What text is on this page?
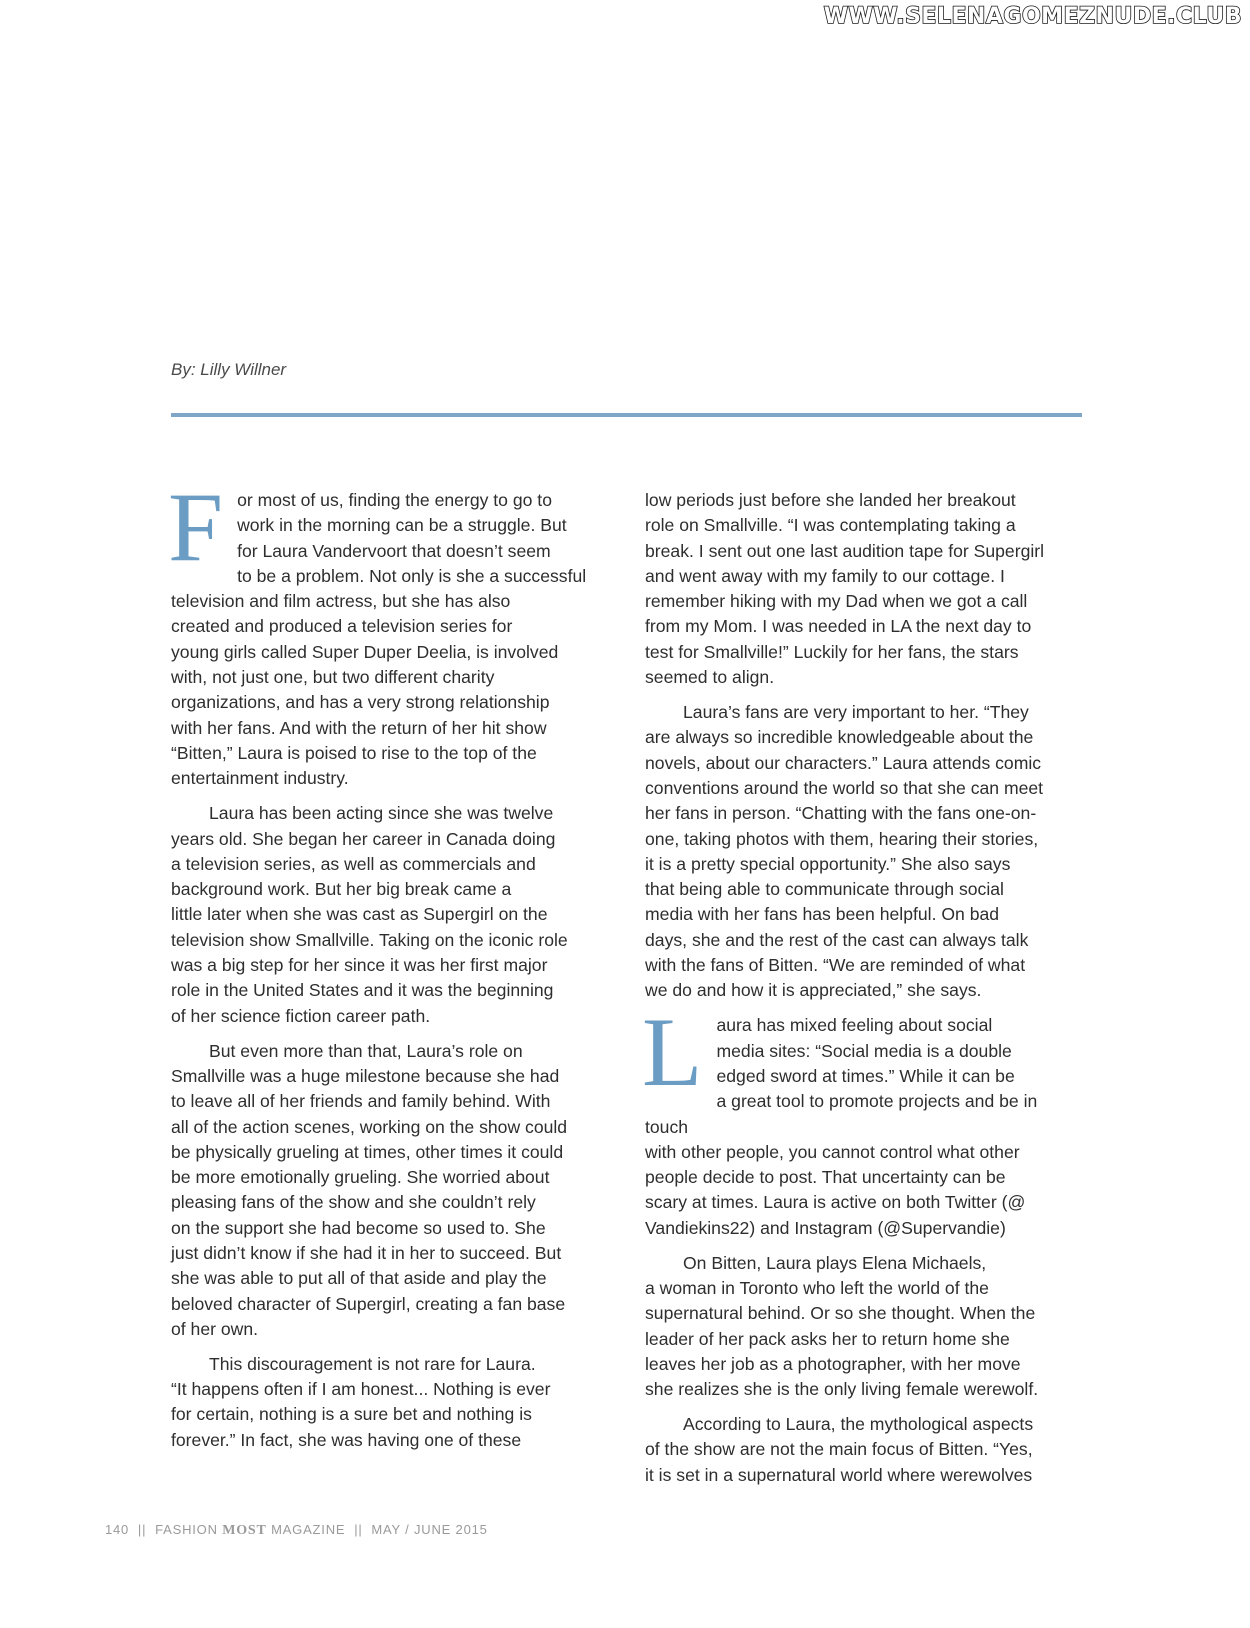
WWW.SELENAGOMEZNUDE.CLUB
By: Lilly Willner

For most of us, finding the energy to go to
work in the morning can be a struggle. But
for Laura Vandervoort that doesn’t seem
to be a problem. Not only is she a successful
television and film actress, but she has also
created and produced a television series for
young girls called Super Duper Deelia, is involved
with, not just one, but two different charity
organizations, and has a very strong relationship
with her fans. And with the return of her hit show
“Bitten,” Laura is poised to rise to the top of the
entertainment industry.

Laura has been acting since she was twelve
years old. She began her career in Canada doing
a television series, as well as commercials and
background work. But her big break came a
little later when she was cast as Supergirl on the
television show Smallville. Taking on the iconic role
was a big step for her since it was her first major
role in the United States and it was the beginning
of her science fiction career path.

But even more than that, Laura’s role on
Smallville was a huge milestone because she had
to leave all of her friends and family behind. With
all of the action scenes, working on the show could
be physically grueling at times, other times it could
be more emotionally grueling. She worried about
pleasing fans of the show and she couldn’t rely
on the support she had become so used to. She
just didn’t know if she had it in her to succeed. But
she was able to put all of that aside and play the
beloved character of Supergirl, creating a fan base
of her own.

This discouragement is not rare for Laura.
“It happens often if I am honest... Nothing is ever
for certain, nothing is a sure bet and nothing is
forever.” In fact, she was having one of these

low periods just before she landed her breakout
role on Smallville. “I was contemplating taking a
break. I sent out one last audition tape for Supergirl
and went away with my family to our cottage. I
remember hiking with my Dad when we got a call
from my Mom. I was needed in LA the next day to
test for Smallville!” Luckily for her fans, the stars
seemed to align.

Laura’s fans are very important to her. “They
are always so incredible knowledgeable about the
novels, about our characters.” Laura attends comic
conventions around the world so that she can meet
her fans in person. “Chatting with the fans one-on-
one, taking photos with them, hearing their stories,
it is a pretty special opportunity.” She also says
that being able to communicate through social
media with her fans has been helpful. On bad
days, she and the rest of the cast can always talk
with the fans of Bitten. “We are reminded of what
we do and how it is appreciated,” she says.

Laura has mixed feeling about social
media sites: “Social media is a double
edged sword at times.” While it can be
a great tool to promote projects and be in touch
with other people, you cannot control what other
people decide to post. That uncertainty can be
scary at times. Laura is active on both Twitter (@
Vandiekins22) and Instagram (@Supervandie)

On Bitten, Laura plays Elena Michaels,
a woman in Toronto who left the world of the
supernatural behind. Or so she thought. When the
leader of her pack asks her to return home she
leaves her job as a photographer, with her move
she realizes she is the only living female werewolf.

According to Laura, the mythological aspects
of the show are not the main focus of Bitten. “Yes,
it is set in a supernatural world where werewolves

140 || FASHION MOST MAGAZINE || MAY / JUNE 2015
